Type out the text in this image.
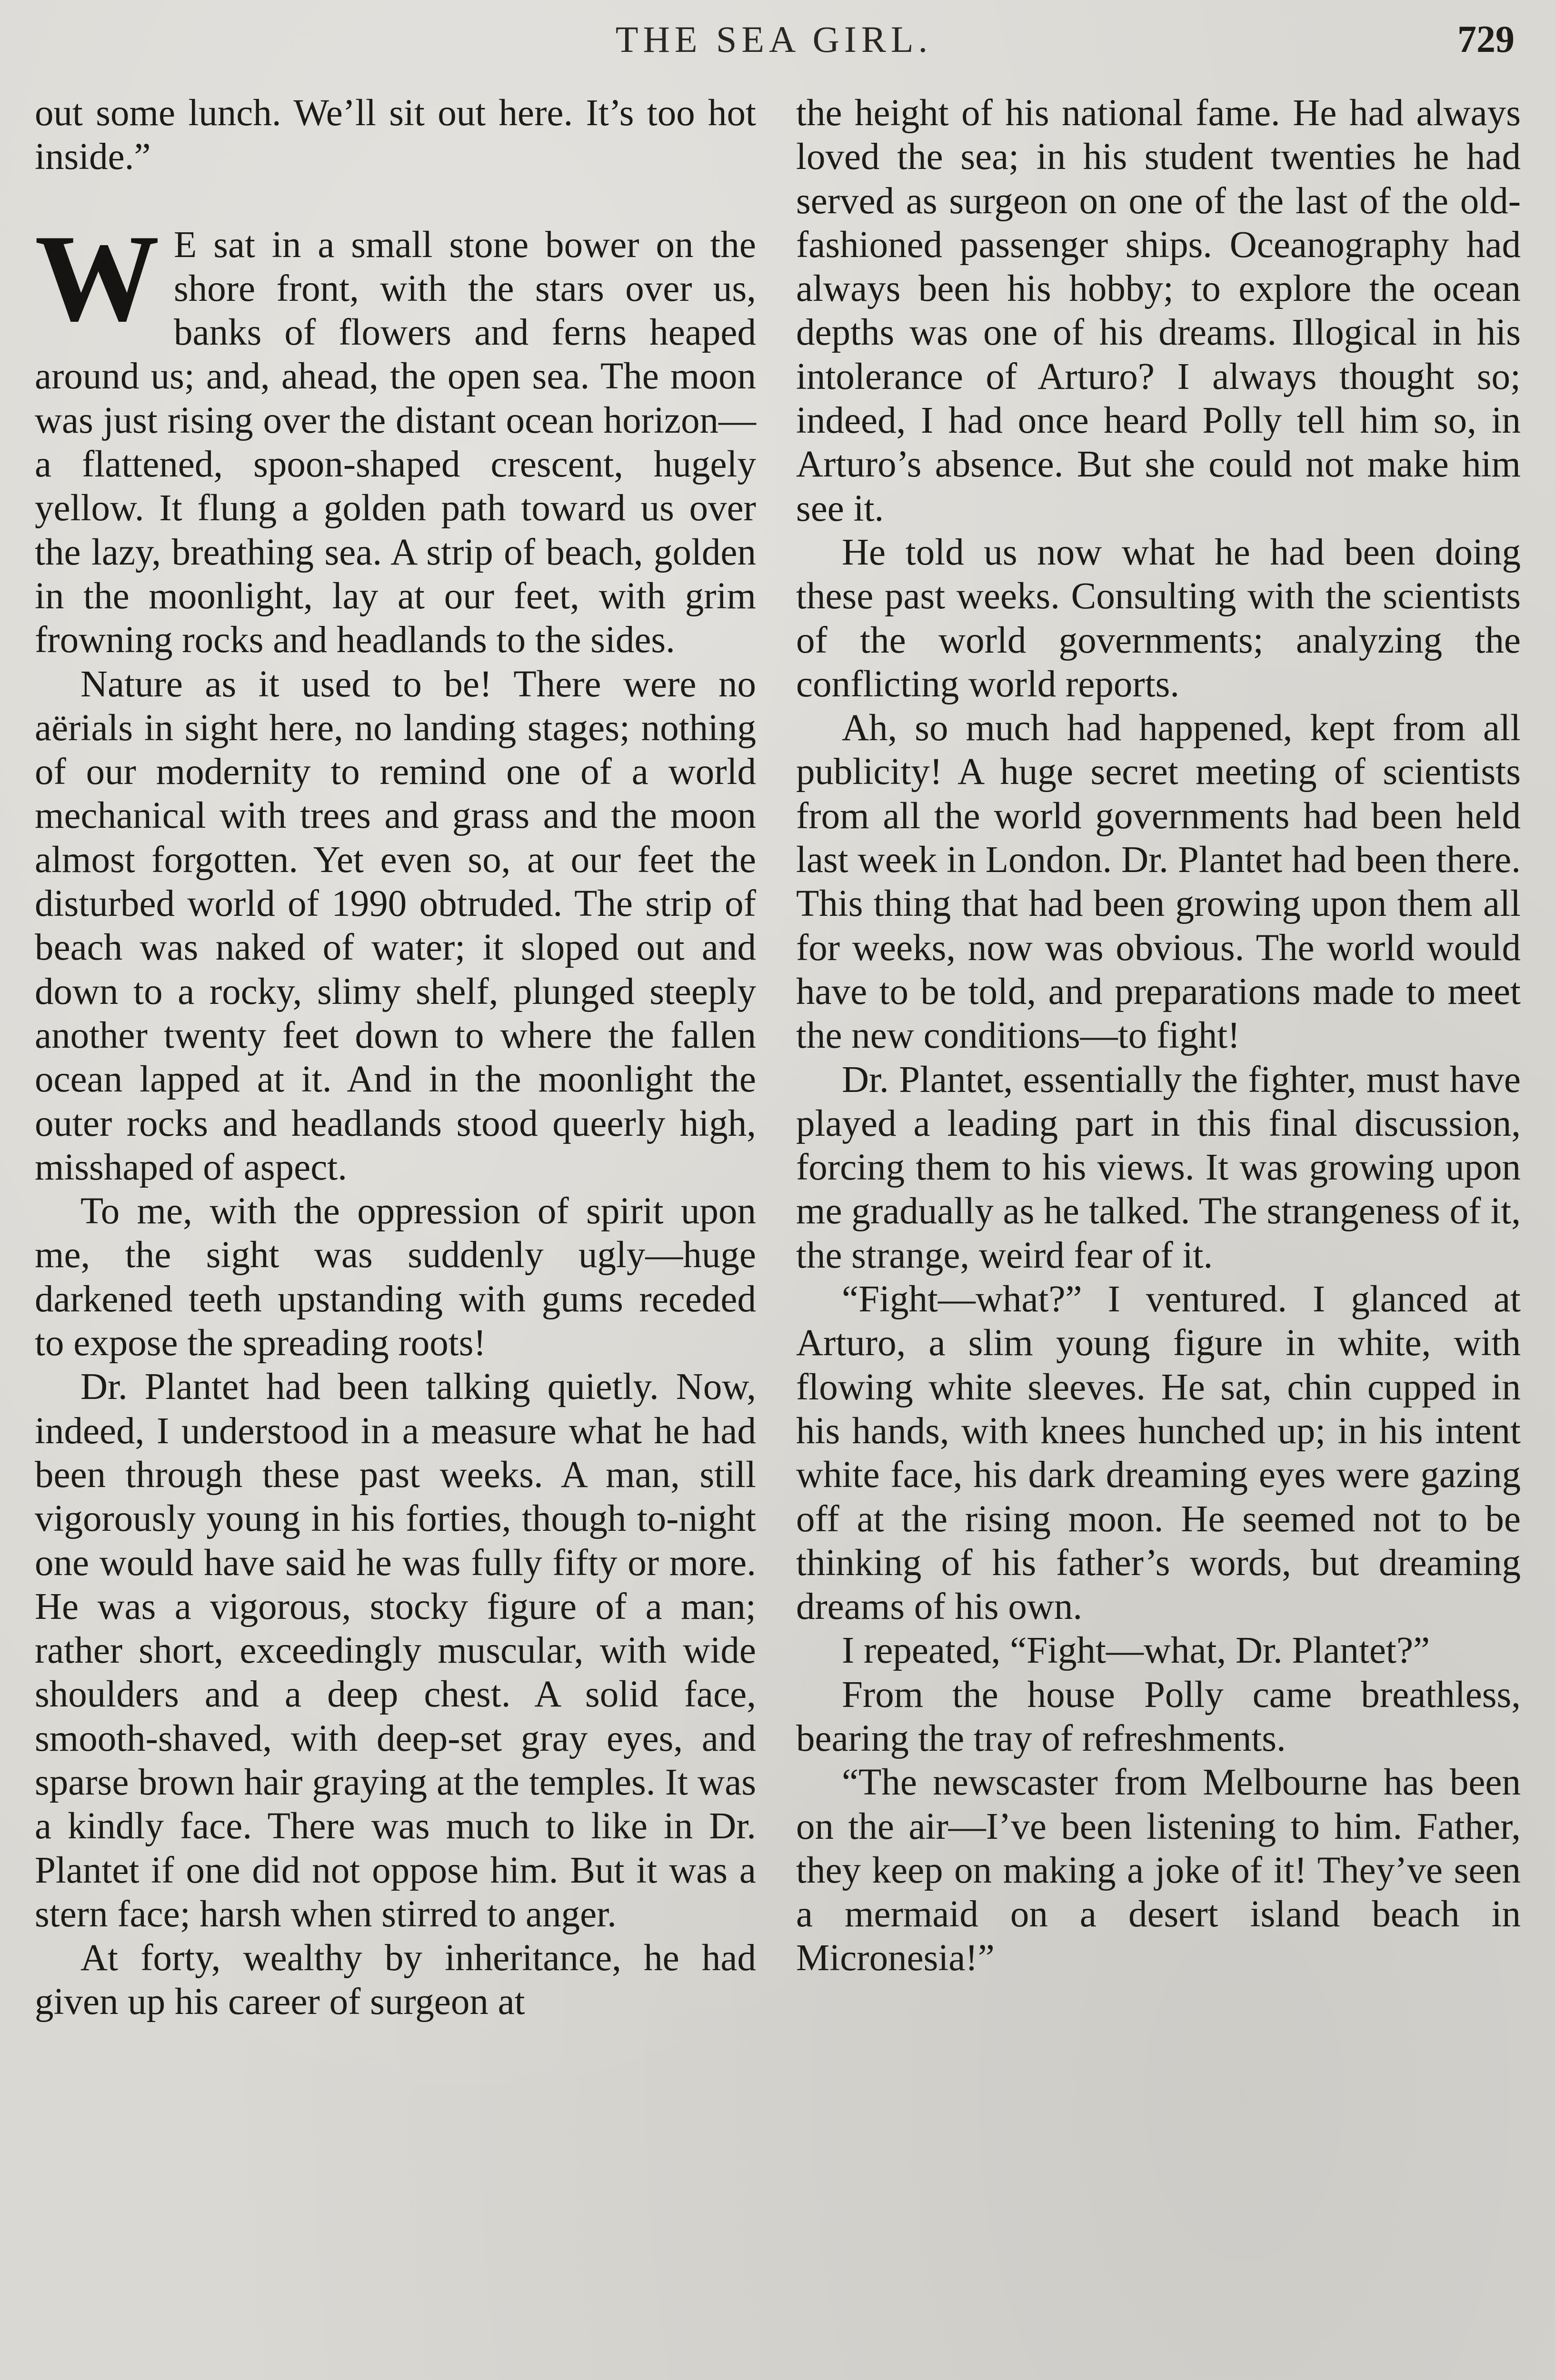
THE SEA GIRL.	729

out some lunch. We’ll sit out here. It’s too hot inside.”

W E sat in a small stone bower on the shore front, with the stars over us, banks of flowers and ferns heaped around us; and, ahead, the open sea. The moon was just rising over the distant ocean horizon—a flattened, spoon-shaped crescent, hugely yellow. It flung a golden path toward us over the lazy, breathing sea. A strip of beach, golden in the moonlight, lay at our feet, with grim frowning rocks and headlands to the sides.

Nature as it used to be! There were no aërials in sight here, no landing stages; nothing of our modernity to remind one of a world mechanical with trees and grass and the moon almost forgotten. Yet even so, at our feet the disturbed world of 1990 obtruded. The strip of beach was naked of water; it sloped out and down to a rocky, slimy shelf, plunged steeply another twenty feet down to where the fallen ocean lapped at it. And in the moonlight the outer rocks and headlands stood queerly high, misshaped of aspect.

To me, with the oppression of spirit upon me, the sight was suddenly ugly—huge darkened teeth upstanding with gums receded to expose the spreading roots!

Dr. Plantet had been talking quietly. Now, indeed, I understood in a measure what he had been through these past weeks. A man, still vigorously young in his forties, though to-night one would have said he was fully fifty or more. He was a vigorous, stocky figure of a man; rather short, exceedingly muscular, with wide shoulders and a deep chest. A solid face, smooth-shaved, with deep-set gray eyes, and sparse brown hair graying at the temples. It was a kindly face. There was much to like in Dr. Plantet if one did not oppose him. But it was a stern face; harsh when stirred to anger.

At forty, wealthy by inheritance, he had given up his career of surgeon at

the height of his national fame. He had always loved the sea; in his student twenties he had served as surgeon on one of the last of the old-fashioned passenger ships. Oceanography had always been his hobby; to explore the ocean depths was one of his dreams. Illogical in his intolerance of Arturo? I always thought so; indeed, I had once heard Polly tell him so, in Arturo’s absence. But she could not make him see it.

He told us now what he had been doing these past weeks. Consulting with the scientists of the world governments; analyzing the conflicting world reports.

Ah, so much had happened, kept from all publicity! A huge secret meeting of scientists from all the world governments had been held last week in London. Dr. Plantet had been there. This thing that had been growing upon them all for weeks, now was obvious. The world would have to be told, and preparations made to meet the new conditions—to fight!

Dr. Plantet, essentially the fighter, must have played a leading part in this final discussion, forcing them to his views. It was growing upon me gradually as he talked. The strangeness of it, the strange, weird fear of it.

“Fight—what?” I ventured. I glanced at Arturo, a slim young figure in white, with flowing white sleeves. He sat, chin cupped in his hands, with knees hunched up; in his intent white face, his dark dreaming eyes were gazing off at the rising moon. He seemed not to be thinking of his father’s words, but dreaming dreams of his own.

I repeated, “Fight—what, Dr. Plantet?”

From the house Polly came breathless, bearing the tray of refreshments.

“The newscaster from Melbourne has been on the air—I’ve been listening to him. Father, they keep on making a joke of it! They’ve seen a mermaid on a desert island beach in Micronesia!”
